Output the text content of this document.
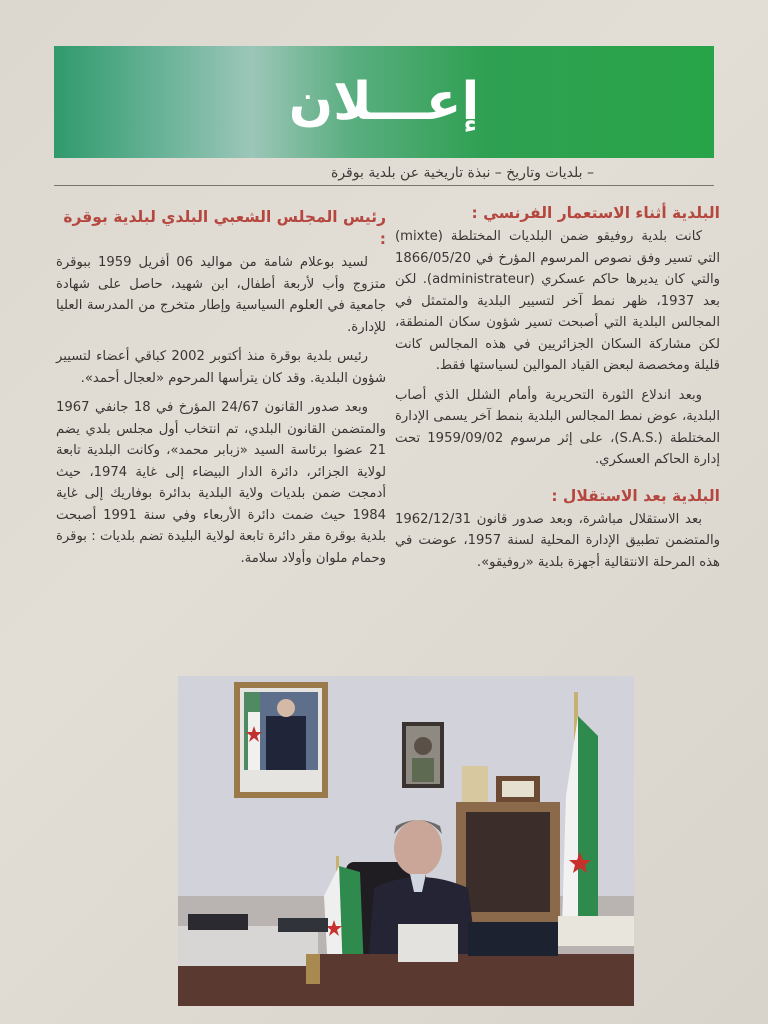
إعـــلان
– بلديات وتاريخ – نبذة تاريخية عن بلدية بوقرة
البلدية أثناء الاستعمار الفرنسي :

كانت بلدية روفيقو ضمن البلديات المختلطة (mixte) التي تسير وفق نصوص المرسوم المؤرخ في 1866/05/20 والتي كان يديرها حاكم عسكري (administrateur). لكن بعد 1937، ظهر نمط آخر لتسيير البلدية والمتمثل في المجالس البلدية التي أصبحت تسير شؤون سكان المنطقة، لكن مشاركة السكان الجزائريين في هذه المجالس كانت قليلة ومخصصة لبعض القياد الموالين لسياستها فقط.

وبعد اندلاع الثورة التحريرية وأمام الشلل الذي أصاب البلدية، عوض نمط المجالس البلدية بنمط آخر يسمى الإدارة المختلطة (.S.A.S)، على إثر مرسوم 1959/09/02 تحت إدارة الحاكم العسكري.

البلدية بعد الاستقلال :

بعد الاستقلال مباشرة، وبعد صدور قانون 1962/12/31 والمتضمن تطبيق الإدارة المحلية لسنة 1957، عوضت في هذه المرحلة الانتقالية أجهزة بلدية «روفيقو».

رئيس المجلس الشعبي البلدي لبلدية بوقرة :

لسيد بوعلام شامة من مواليد 06 أفريل 1959 ببوقرة متزوج وأب لأربعة أطفال، ابن شهيد، حاصل على شهادة جامعية في العلوم السياسية وإطار متخرج من المدرسة العليا للإدارة.

رئيس بلدية بوقرة منذ أكتوبر 2002 كباقي أعضاء لتسيير شؤون البلدية. وقد كان يترأسها المرحوم «لعجال أحمد».

وبعد صدور القانون 24/67 المؤرخ في 18 جانفي 1967 والمتضمن القانون البلدي، تم انتخاب أول مجلس بلدي يضم 21 عضوا برئاسة السيد «زبابر محمد»، وكانت البلدية تابعة لولاية الجزائر، دائرة الدار البيضاء إلى غاية 1974، حيث أدمجت ضمن بلديات ولاية البلدية بدائرة بوفاريك إلى غاية 1984 حيث ضمت دائرة الأربعاء وفي سنة 1991 أصبحت بلدية بوقرة مقر دائرة تابعة لولاية البليدة تضم بلديات : بوقرة وحمام ملوان وأولاد سلامة.
